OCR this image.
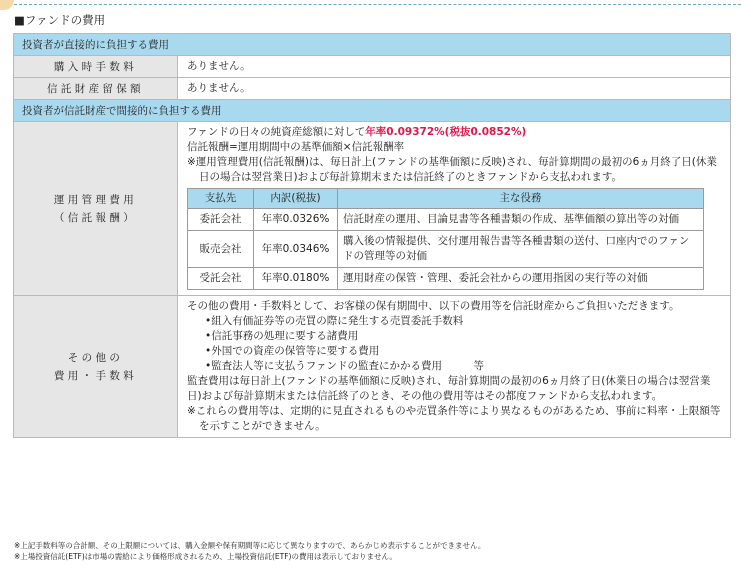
■ファンドの費用
投資者が直接的に負担する費用
購入時手数料	ありません。
信託財産留保額	ありません。
投資者が信託財産で間接的に負担する費用
運用管理費用
（信託報酬）

ファンドの日々の純資産総額に対して年率0.09372%(税抜0.0852%)
信託報酬=運用期間中の基準価額×信託報酬率
※運用管理費用(信託報酬)は、毎日計上(ファンドの基準価額に反映)され、毎計算期間の最初の6ヵ月終了日(休業日の場合は翌営業日)および毎計算期末または信託終了のときファンドから支払われます。
支払先	内訳(税抜)	主な役務
委託会社	年率0.0326%	信託財産の運用、目論見書等各種書類の作成、基準価額の算出等の対価
販売会社	年率0.0346%	購入後の情報提供、交付運用報告書等各種書類の送付、口座内でのファンドの管理等の対価
受託会社	年率0.0180%	運用財産の保管・管理、委託会社からの運用指図の実行等の対価

その他の
費用・手数料

その他の費用・手数料として、お客様の保有期間中、以下の費用等を信託財産からご負担いただきます。
•組入有価証券等の売買の際に発生する売買委託手数料
•信託事務の処理に要する諸費用
•外国での資産の保管等に要する費用
•監査法人等に支払うファンドの監査にかかる費用　　　等
監査費用は毎日計上(ファンドの基準価額に反映)され、毎計算期間の最初の6ヵ月終了日(休業日の場合は翌営業日)および毎計算期末または信託終了のとき、その他の費用等はその都度ファンドから支払われます。
※これらの費用等は、定期的に見直されるものや売買条件等により異なるものがあるため、事前に料率・上限額等を示すことができません。
※上記手数料等の合計額、その上限額については、購入金額や保有期間等に応じて異なりますので、あらかじめ表示することができません。
※上場投資信託(ETF)は市場の需給により価格形成されるため、上場投資信託(ETF)の費用は表示しておりません。
